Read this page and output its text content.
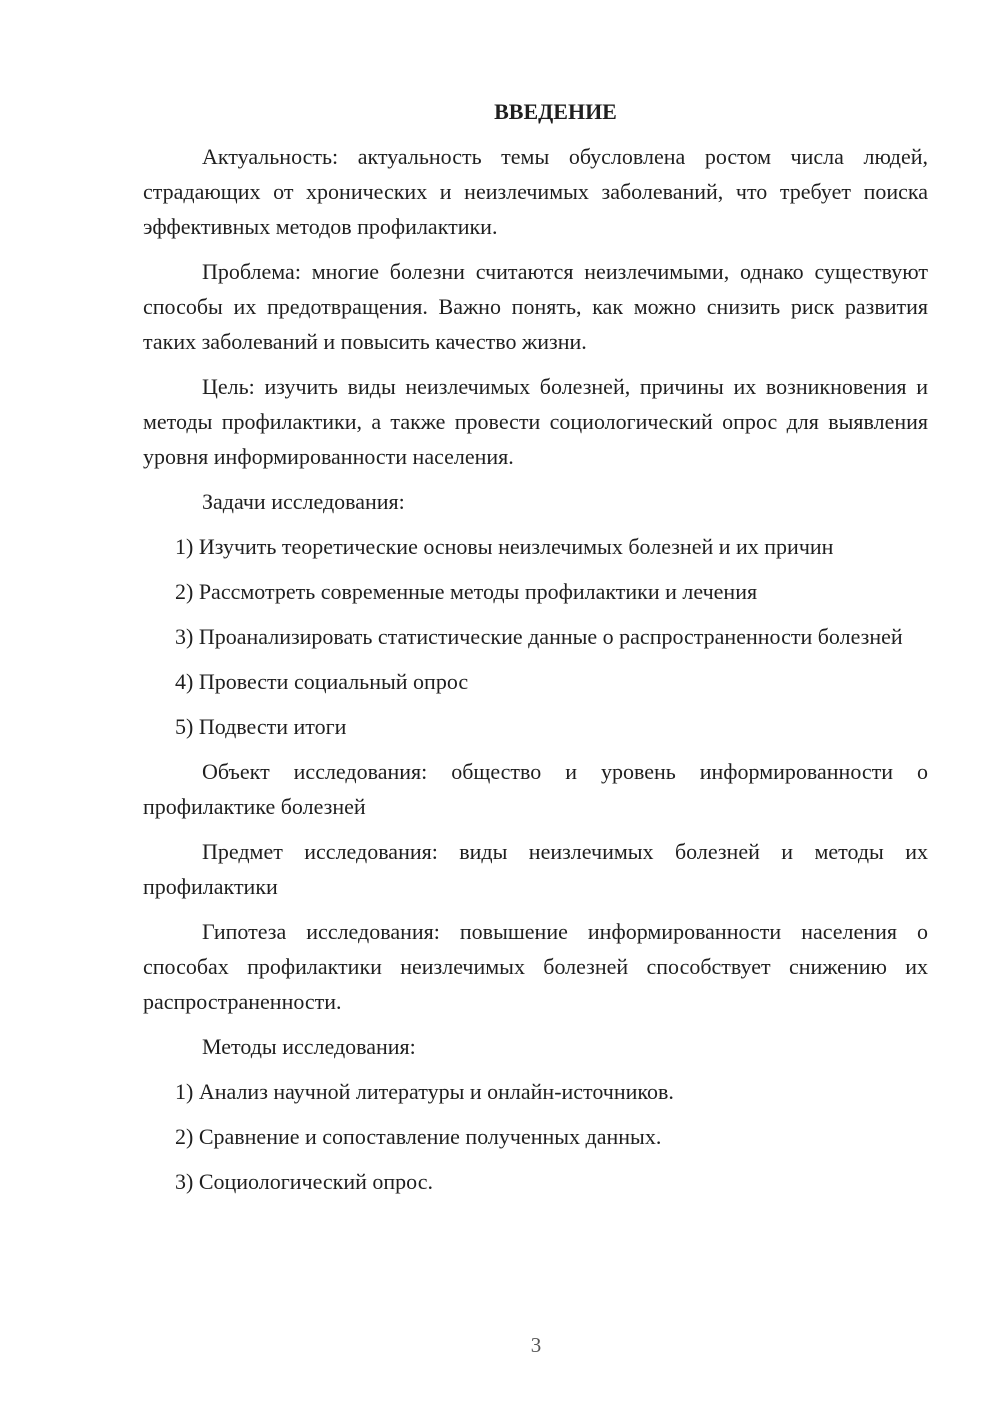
ВВЕДЕНИЕ

Актуальность: актуальность темы обусловлена ростом числа людей, страдающих от хронических и неизлечимых заболеваний, что требует поиска эффективных методов профилактики.

Проблема: многие болезни считаются неизлечимыми, однако существуют способы их предотвращения. Важно понять, как можно снизить риск развития таких заболеваний и повысить качество жизни.

Цель: изучить виды неизлечимых болезней, причины их возникновения и методы профилактики, а также провести социологический опрос для выявления уровня информированности населения.

Задачи исследования:

1) Изучить теоретические основы неизлечимых болезней и их причин

2) Рассмотреть современные методы профилактики и лечения

3) Проанализировать статистические данные о распространенности болезней

4) Провести социальный опрос

5) Подвести итоги

Объект исследования: общество и уровень информированности о профилактике болезней

Предмет исследования: виды неизлечимых болезней и методы их профилактики

Гипотеза исследования: повышение информированности населения о способах профилактики неизлечимых болезней способствует снижению их распространенности.

Методы исследования:

1) Анализ научной литературы и онлайн-источников.

2) Сравнение и сопоставление полученных данных.

3) Социологический опрос.

3
